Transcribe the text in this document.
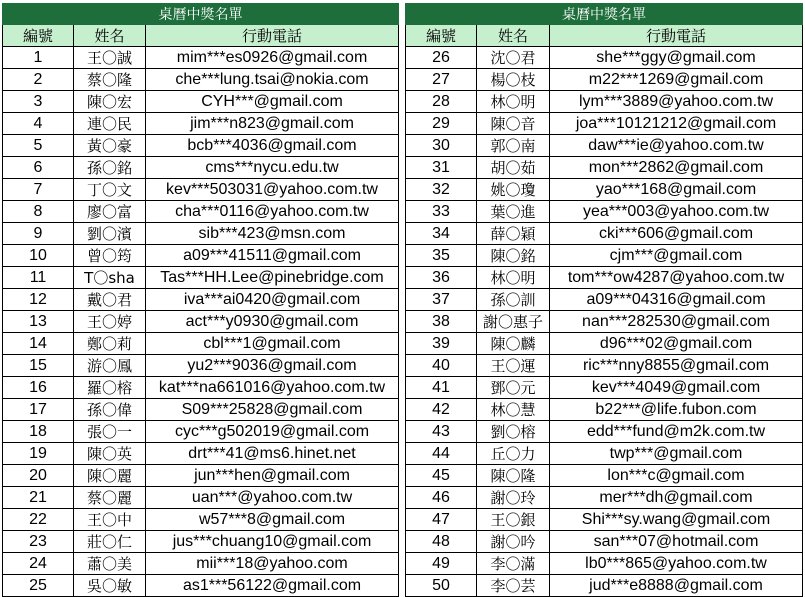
桌曆中獎名單		
編號	姓名	行動電話
1	王〇誠	mim***es0926@gmail.com
2	蔡〇隆	che***lung.tsai@nokia.com
3	陳〇宏	CYH***@gmail.com
4	連〇民	jim***n823@gmail.com
5	黃〇豪	bcb***4036@gmail.com
6	孫〇銘	cms***nycu.edu.tw
7	丁〇文	kev***503031@yahoo.com.tw
8	廖〇富	cha***0116@yahoo.com.tw
9	劉〇濱	sib***423@msn.com
10	曾〇筠	a09***41511@gmail.com
11	T〇sha	Tas***HH.Lee@pinebridge.com
12	戴〇君	iva***ai0420@gmail.com
13	王〇婷	act***y0930@gmail.com
14	鄭〇莉	cbl***1@gmail.com
15	游〇鳳	yu2***9036@gmail.com
16	羅〇榕	kat***na661016@yahoo.com.tw
17	孫〇偉	S09***25828@gmail.com
18	張〇一	cyc***g502019@gmail.com
19	陳〇英	drt***41@ms6.hinet.net
20	陳〇麗	jun***hen@gmail.com
21	蔡〇麗	uan***@yahoo.com.tw
22	王〇中	w57***8@gmail.com
23	莊〇仁	jus***chuang10@gmail.com
24	蕭〇美	mii***18@yahoo.com
25	吳〇敏	as1***56122@gmail.com
桌曆中獎名單		
編號	姓名	行動電話
26	沈〇君	she***ggy@gmail.com
27	楊〇枝	m22***1269@gmail.com
28	林〇明	lym***3889@yahoo.com.tw
29	陳〇音	joa***10121212@gmail.com
30	郭〇南	daw***ie@yahoo.com.tw
31	胡〇茹	mon***2862@gmail.com
32	姚〇瓊	yao***168@gmail.com
33	葉〇進	yea***003@yahoo.com.tw
34	薛〇穎	cki***606@gmail.com
35	陳〇銘	cjm***@gmail.com
36	林〇明	tom***ow4287@yahoo.com.tw
37	孫〇訓	a09***04316@gmail.com
38	謝〇惠子	nan***282530@gmail.com
39	陳〇麟	d96***02@gmail.com
40	王〇運	ric***nny8855@gmail.com
41	鄧〇元	kev***4049@gmail.com
42	林〇慧	b22***@life.fubon.com
43	劉〇榕	edd***fund@m2k.com.tw
44	丘〇力	twp***@gmail.com
45	陳〇隆	lon***c@gmail.com
46	謝〇玲	mer***dh@gmail.com
47	王〇銀	Shi***sy.wang@gmail.com
48	謝〇吟	san***07@hotmail.com
49	李〇滿	lb0***865@yahoo.com.tw
50	李〇芸	jud***e8888@gmail.com
